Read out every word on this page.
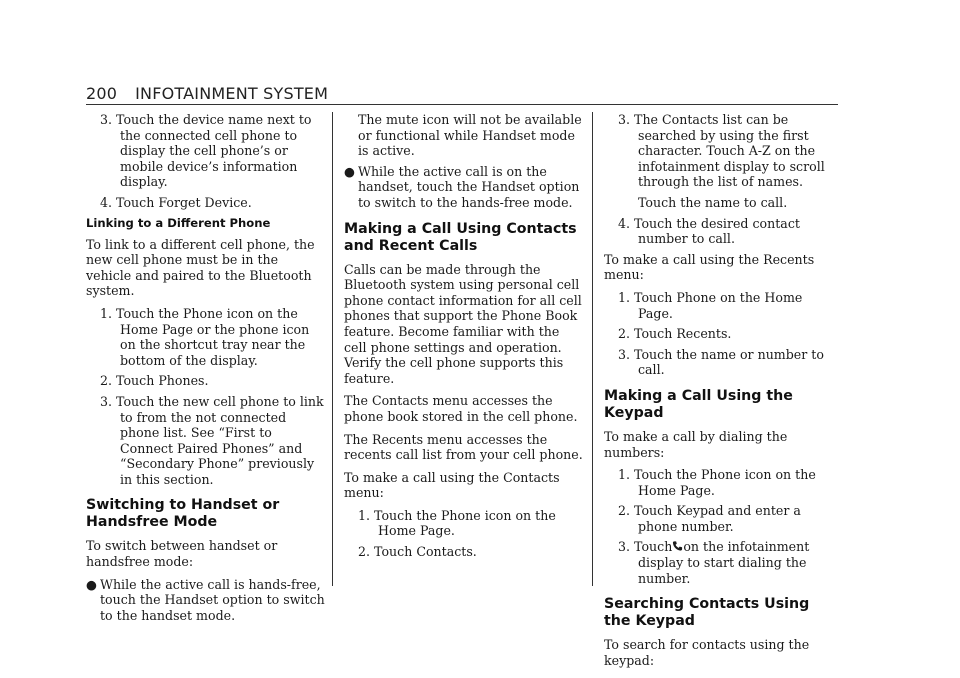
200 INFOTAINMENT SYSTEM

3. Touch the device name next to the connected cell phone to display the cell phone’s or mobile device’s information display.

4. Touch Forget Device.

Linking to a Different Phone

To link to a different cell phone, the new cell phone must be in the vehicle and paired to the Bluetooth system.

1. Touch the Phone icon on the Home Page or the phone icon on the shortcut tray near the bottom of the display.

2. Touch Phones.

3. Touch the new cell phone to link to from the not connected phone list. See “First to Connect Paired Phones” and “Secondary Phone” previously in this section.

Switching to Handset or Handsfree Mode

To switch between handset or handsfree mode:

● While the active call is hands-free, touch the Handset option to switch to the handset mode.

The mute icon will not be available or functional while Handset mode is active.

● While the active call is on the handset, touch the Handset option to switch to the hands-free mode.

Making a Call Using Contacts and Recent Calls

Calls can be made through the Bluetooth system using personal cell phone contact information for all cell phones that support the Phone Book feature. Become familiar with the cell phone settings and operation. Verify the cell phone supports this feature.

The Contacts menu accesses the phone book stored in the cell phone.

The Recents menu accesses the recents call list from your cell phone.

To make a call using the Contacts menu:

1. Touch the Phone icon on the Home Page.

2. Touch Contacts.

3. The Contacts list can be searched by using the first character. Touch A-Z on the infotainment display to scroll through the list of names.

Touch the name to call.

4. Touch the desired contact number to call.

To make a call using the Recents menu:

1. Touch Phone on the Home Page.

2. Touch Recents.

3. Touch the name or number to call.

Making a Call Using the Keypad

To make a call by dialing the numbers:

1. Touch the Phone icon on the Home Page.

2. Touch Keypad and enter a phone number.

3. Touch on the infotainment display to start dialing the number.

Searching Contacts Using the Keypad

To search for contacts using the keypad:
